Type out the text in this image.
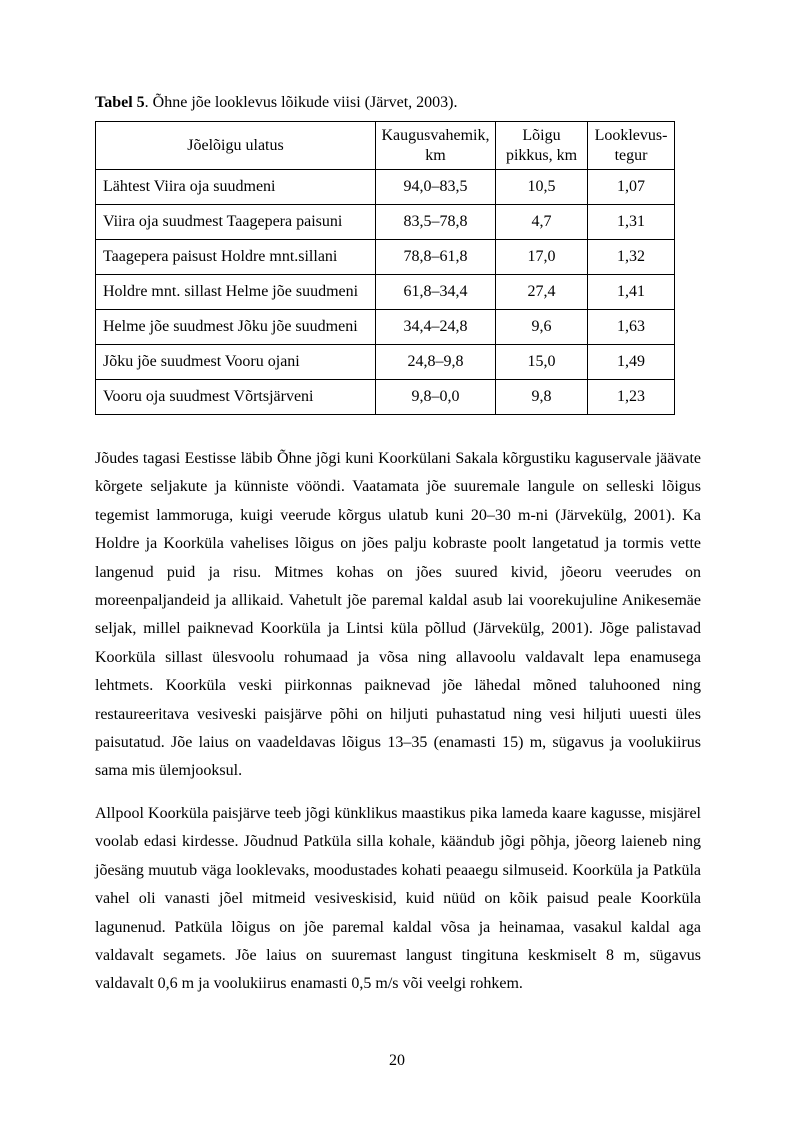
Tabel 5. Õhne jõe looklevus lõikude viisi (Järvet, 2003).
Jõelõigu ulatus	Kaugusvahemik, km	Lõigu pikkus, km	Looklevus-tegur
Lähtest Viira oja suudmeni	94,0–83,5	10,5	1,07
Viira oja suudmest Taagepera paisuni	83,5–78,8	4,7	1,31
Taagepera paisust Holdre mnt.sillani	78,8–61,8	17,0	1,32
Holdre mnt. sillast Helme jõe suudmeni	61,8–34,4	27,4	1,41
Helme jõe suudmest Jõku jõe suudmeni	34,4–24,8	9,6	1,63
Jõku jõe suudmest Vooru ojani	24,8–9,8	15,0	1,49
Vooru oja suudmest Võrtsjärveni	9,8–0,0	9,8	1,23

Jõudes tagasi Eestisse läbib Õhne jõgi kuni Koorkülani Sakala kõrgustiku kaguservale jäävate kõrgete seljakute ja künniste vööndi. Vaatamata jõe suuremale langule on selleski lõigus tegemist lammoruga, kuigi veerude kõrgus ulatub kuni 20–30 m-ni (Järvekülg, 2001). Ka Holdre ja Koorküla vahelises lõigus on jões palju kobraste poolt langetatud ja tormis vette langenud puid ja risu. Mitmes kohas on jões suured kivid, jõeoru veerudes on moreenpaljandeid ja allikaid. Vahetult jõe paremal kaldal asub lai voorekujuline Anikesemäe seljak, millel paiknevad Koorküla ja Lintsi küla põllud (Järvekülg, 2001). Jõge palistavad Koorküla sillast ülesvoolu rohumaad ja võsa ning allavoolu valdavalt lepa enamusega lehtmets. Koorküla veski piirkonnas paiknevad jõe lähedal mõned taluhooned ning restaureeritava vesiveski paisjärve põhi on hiljuti puhastatud ning vesi hiljuti uuesti üles paisutatud. Jõe laius on vaadeldavas lõigus 13–35 (enamasti 15) m, sügavus ja voolukiirus sama mis ülemjooksul.

Allpool Koorküla paisjärve teeb jõgi künklikus maastikus pika lameda kaare kagusse, misjärel voolab edasi kirdesse. Jõudnud Patküla silla kohale, käändub jõgi põhja, jõeorg laieneb ning jõesäng muutub väga looklevaks, moodustades kohati peaaegu silmuseid. Koorküla ja Patküla vahel oli vanasti jõel mitmeid vesiveskisid, kuid nüüd on kõik paisud peale Koorküla lagunenud. Patküla lõigus on jõe paremal kaldal võsa ja heinamaa, vasakul kaldal aga valdavalt segamets. Jõe laius on suuremast langust tingituna keskmiselt 8 m, sügavus valdavalt 0,6 m ja voolukiirus enamasti 0,5 m/s või veelgi rohkem.

20
